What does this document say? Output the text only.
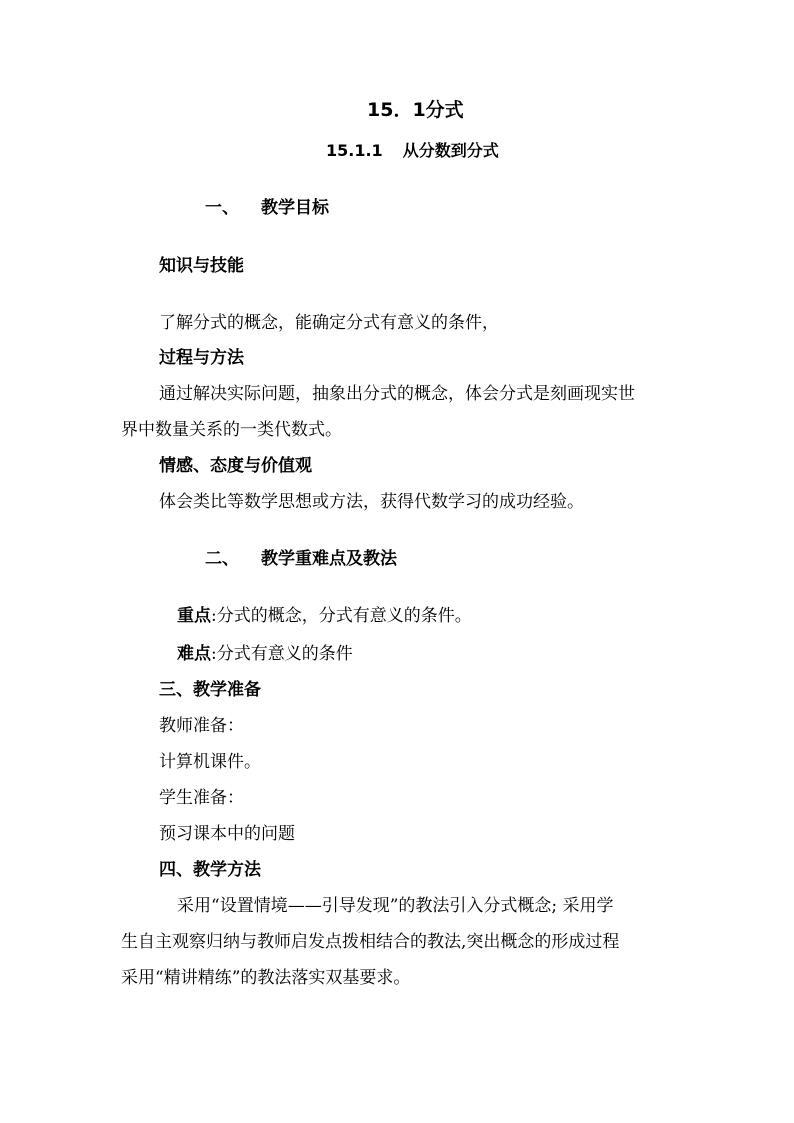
15．1分式
15.1.1 从分数到分式
一、 教学目标
知识与技能
了解分式的概念，能确定分式有意义的条件，
过程与方法
通过解决实际问题，抽象出分式的概念，体会分式是刻画现实世
界中数量关系的一类代数式。
情感、态度与价值观
体会类比等数学思想或方法，获得代数学习的成功经验。
二、 教学重难点及教法
重点:分式的概念，分式有意义的条件。
难点:分式有意义的条件
三、教学准备
教师准备：
计算机课件。
学生准备：
预习课本中的问题
四、教学方法
采用“设置情境——引导发现”的教法引入分式概念; 采用学
生自主观察归纳与教师启发点拨相结合的教法,突出概念的形成过程
采用“精讲精练”的教法落实双基要求。
